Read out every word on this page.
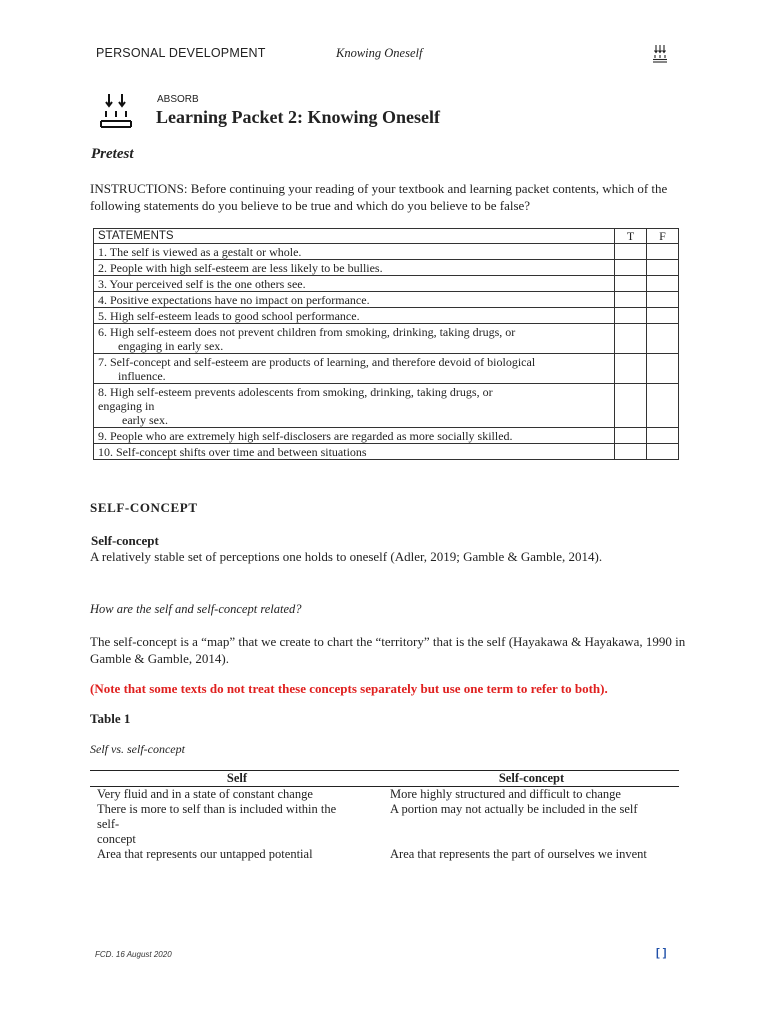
PERSONAL DEVELOPMENT	Knowing Oneself
ABSORB
Learning Packet 2: Knowing Oneself
Pretest
INSTRUCTIONS: Before continuing your reading of your textbook and learning packet contents, which of the following statements do you believe to be true and which do you believe to be false?
STATEMENTS	T	F

1. The self is viewed as a gestalt or whole.		

2. People with high self-esteem are less likely to be bullies.		

3. Your perceived self is the one others see.		

4. Positive expectations have no impact on performance.		

5. High self-esteem leads to good school performance.		

6. High self-esteem does not prevent children from smoking, drinking, taking drugs, or
engaging in early sex.		

7. Self-concept and self-esteem are products of learning, and therefore devoid of biological
influence.		

8. High self-esteem prevents adolescents from smoking, drinking, taking drugs, or
engaging in
early sex.		

9. People who are extremely high self-disclosers are regarded as more socially skilled.		

10. Self-concept shifts over time and between situations		

SELF-CONCEPT
Self-concept
A relatively stable set of perceptions one holds to oneself (Adler, 2019; Gamble & Gamble, 2014).
How are the self and self-concept related?
The self-concept is a “map” that we create to chart the “territory” that is the self (Hayakawa & Hayakawa, 1990 in Gamble & Gamble, 2014).
(Note that some texts do not treat these concepts separately but use one term to refer to both).
Table 1
Self vs. self-concept
Self	Self-concept

Very fluid and in a state of constant change	More highly structured and difficult to change

There is more to self than is included within the
self-
concept	A portion may not actually be included in the self

Area that represents our untapped potential	Area that represents the part of ourselves we invent
FCD. 16 August 2020	[ ]
